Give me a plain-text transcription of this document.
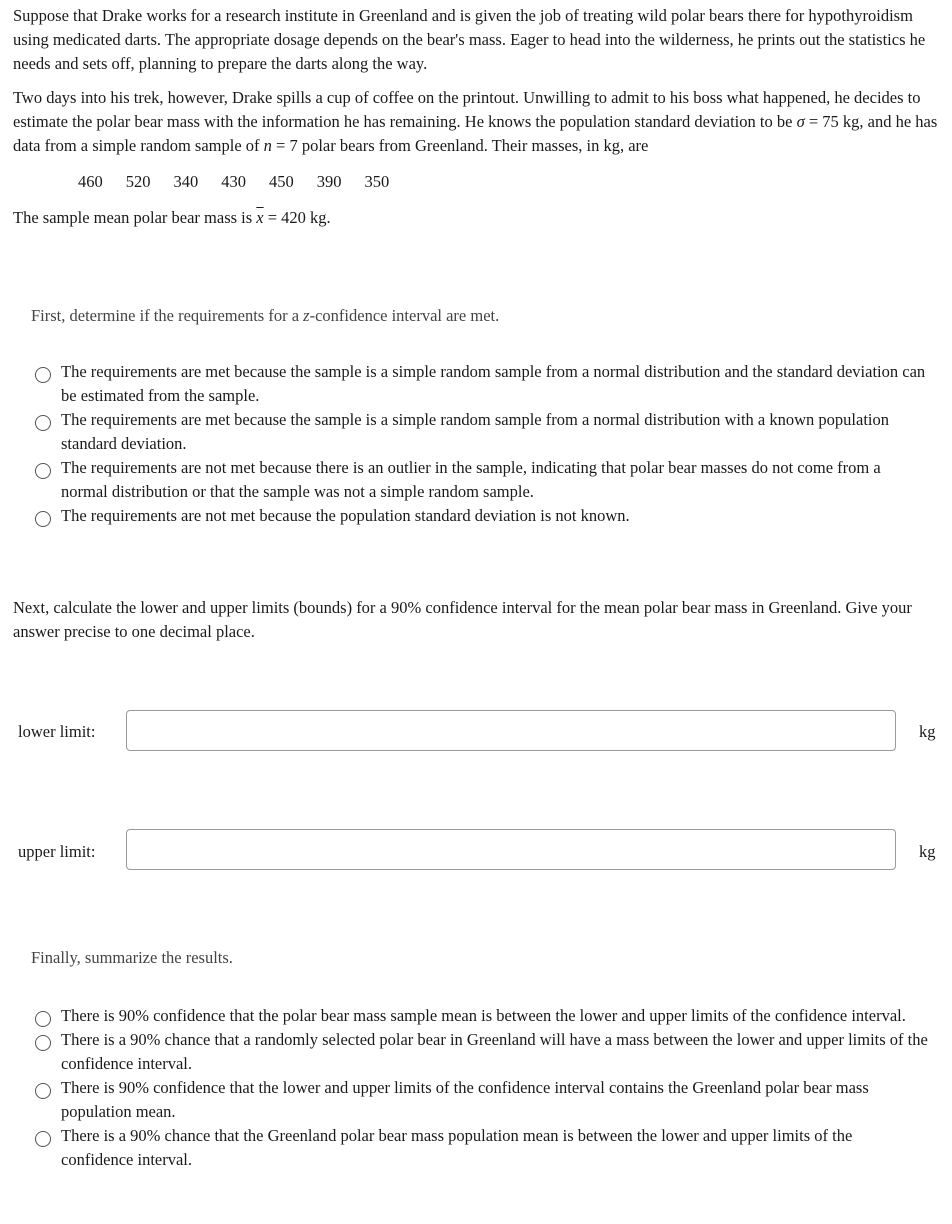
Suppose that Drake works for a research institute in Greenland and is given the job of treating wild polar bears there for hypothyroidism using medicated darts. The appropriate dosage depends on the bear's mass. Eager to head into the wilderness, he prints out the statistics he needs and sets off, planning to prepare the darts along the way.

Two days into his trek, however, Drake spills a cup of coffee on the printout. Unwilling to admit to his boss what happened, he decides to estimate the polar bear mass with the information he has remaining. He knows the population standard deviation to be σ = 75 kg, and he has data from a simple random sample of n = 7 polar bears from Greenland. Their masses, in kg, are

460 520 340 430 450 390 350

The sample mean polar bear mass is $\overline{x} = 420$ kg.

First, determine if the requirements for a z-confidence interval are met.
The requirements are met because the sample is a simple random sample from a normal distribution and the standard deviation can be estimated from the sample.
The requirements are met because the sample is a simple random sample from a normal distribution with a known population standard deviation.
The requirements are not met because there is an outlier in the sample, indicating that polar bear masses do not come from a normal distribution or that the sample was not a simple random sample.
The requirements are not met because the population standard deviation is not known.

Next, calculate the lower and upper limits (bounds) for a 90% confidence interval for the mean polar bear mass in Greenland. Give your answer precise to one decimal place.

lower limit:	kg
upper limit:	kg
Finally, summarize the results.
There is 90% confidence that the polar bear mass sample mean is between the lower and upper limits of the confidence interval.
There is a 90% chance that a randomly selected polar bear in Greenland will have a mass between the lower and upper limits of the confidence interval.
There is 90% confidence that the lower and upper limits of the confidence interval contains the Greenland polar bear mass population mean.
There is a 90% chance that the Greenland polar bear mass population mean is between the lower and upper limits of the confidence interval.
